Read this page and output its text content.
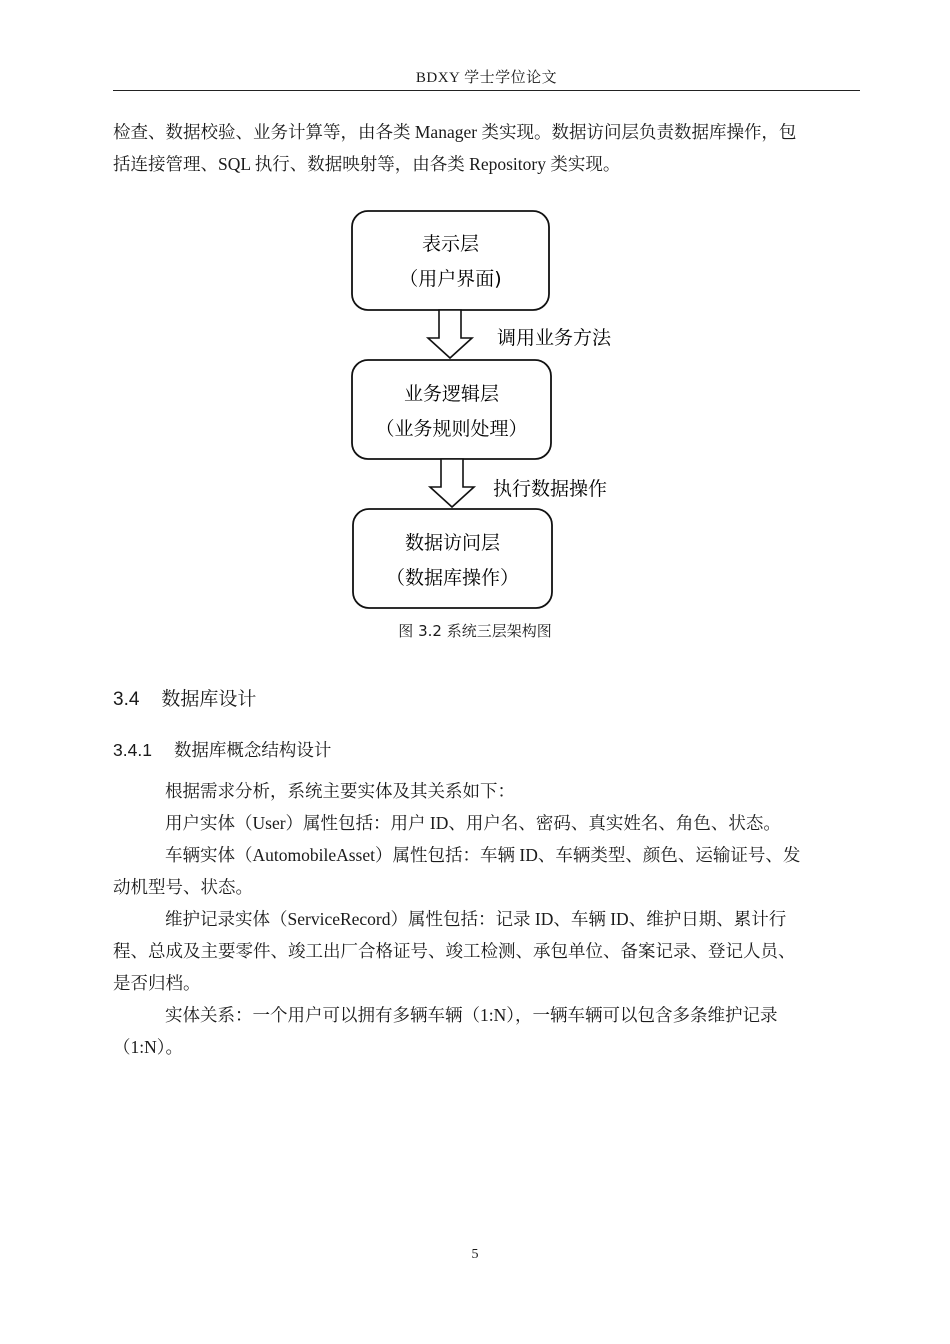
BDXY 学士学位论文

检查、数据校验、业务计算等，由各类 Manager 类实现。数据访问层负责数据库操作，包
括连接管理、SQL 执行、数据映射等，由各类 Repository 类实现。

表示层
（用户界面)
调用业务方法
业务逻辑层
（业务规则处理）
执行数据操作
数据访问层
（数据库操作）
图 3.2 系统三层架构图
3.4 数据库设计
3.4.1 数据库概念结构设计

根据需求分析，系统主要实体及其关系如下：

用户实体（User）属性包括：用户 ID、用户名、密码、真实姓名、角色、状态。

车辆实体（AutomobileAsset）属性包括：车辆 ID、车辆类型、颜色、运输证号、发
动机型号、状态。

维护记录实体（ServiceRecord）属性包括：记录 ID、车辆 ID、维护日期、累计行
程、总成及主要零件、竣工出厂合格证号、竣工检测、承包单位、备案记录、登记人员、
是否归档。

实体关系：一个用户可以拥有多辆车辆（1:N），一辆车辆可以包含多条维护记录
（1:N）。

5
